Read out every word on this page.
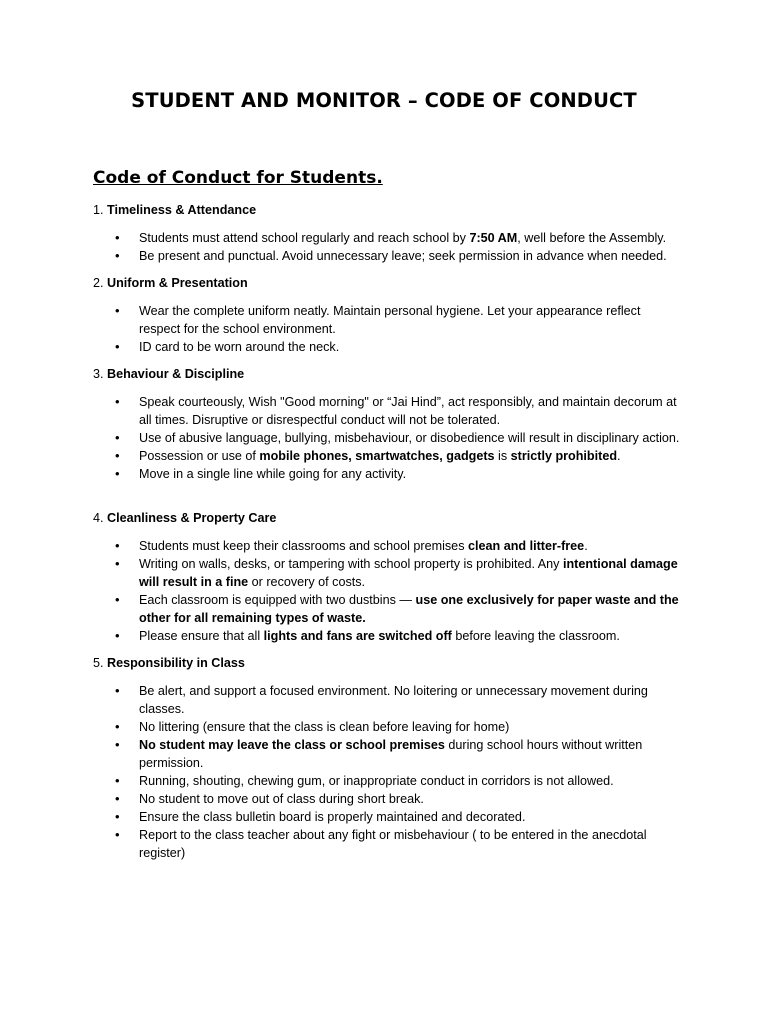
STUDENT AND MONITOR – CODE OF CONDUCT
Code of Conduct for Students.

1. Timeliness & Attendance

• Students must attend school regularly and reach school by 7:50 AM, well before the Assembly.
• Be present and punctual. Avoid unnecessary leave; seek permission in advance when needed.

2. Uniform & Presentation

• Wear the complete uniform neatly. Maintain personal hygiene. Let your appearance reflect respect for the school environment.
• ID card to be worn around the neck.

3. Behaviour & Discipline

• Speak courteously, Wish "Good morning" or “Jai Hind”, act responsibly, and maintain decorum at all times. Disruptive or disrespectful conduct will not be tolerated.
• Use of abusive language, bullying, misbehaviour, or disobedience will result in disciplinary action.
• Possession or use of mobile phones, smartwatches, gadgets is strictly prohibited.
• Move in a single line while going for any activity.

4. Cleanliness & Property Care

• Students must keep their classrooms and school premises clean and litter-free.
• Writing on walls, desks, or tampering with school property is prohibited. Any intentional damage will result in a fine or recovery of costs.
• Each classroom is equipped with two dustbins — use one exclusively for paper waste and the other for all remaining types of waste.
• Please ensure that all lights and fans are switched off before leaving the classroom.

5. Responsibility in Class

• Be alert, and support a focused environment. No loitering or unnecessary movement during classes.
• No littering (ensure that the class is clean before leaving for home)
• No student may leave the class or school premises during school hours without written permission.
• Running, shouting, chewing gum, or inappropriate conduct in corridors is not allowed.
• No student to move out of class during short break.
• Ensure the class bulletin board is properly maintained and decorated.
• Report to the class teacher about any fight or misbehaviour ( to be entered in the anecdotal register)
